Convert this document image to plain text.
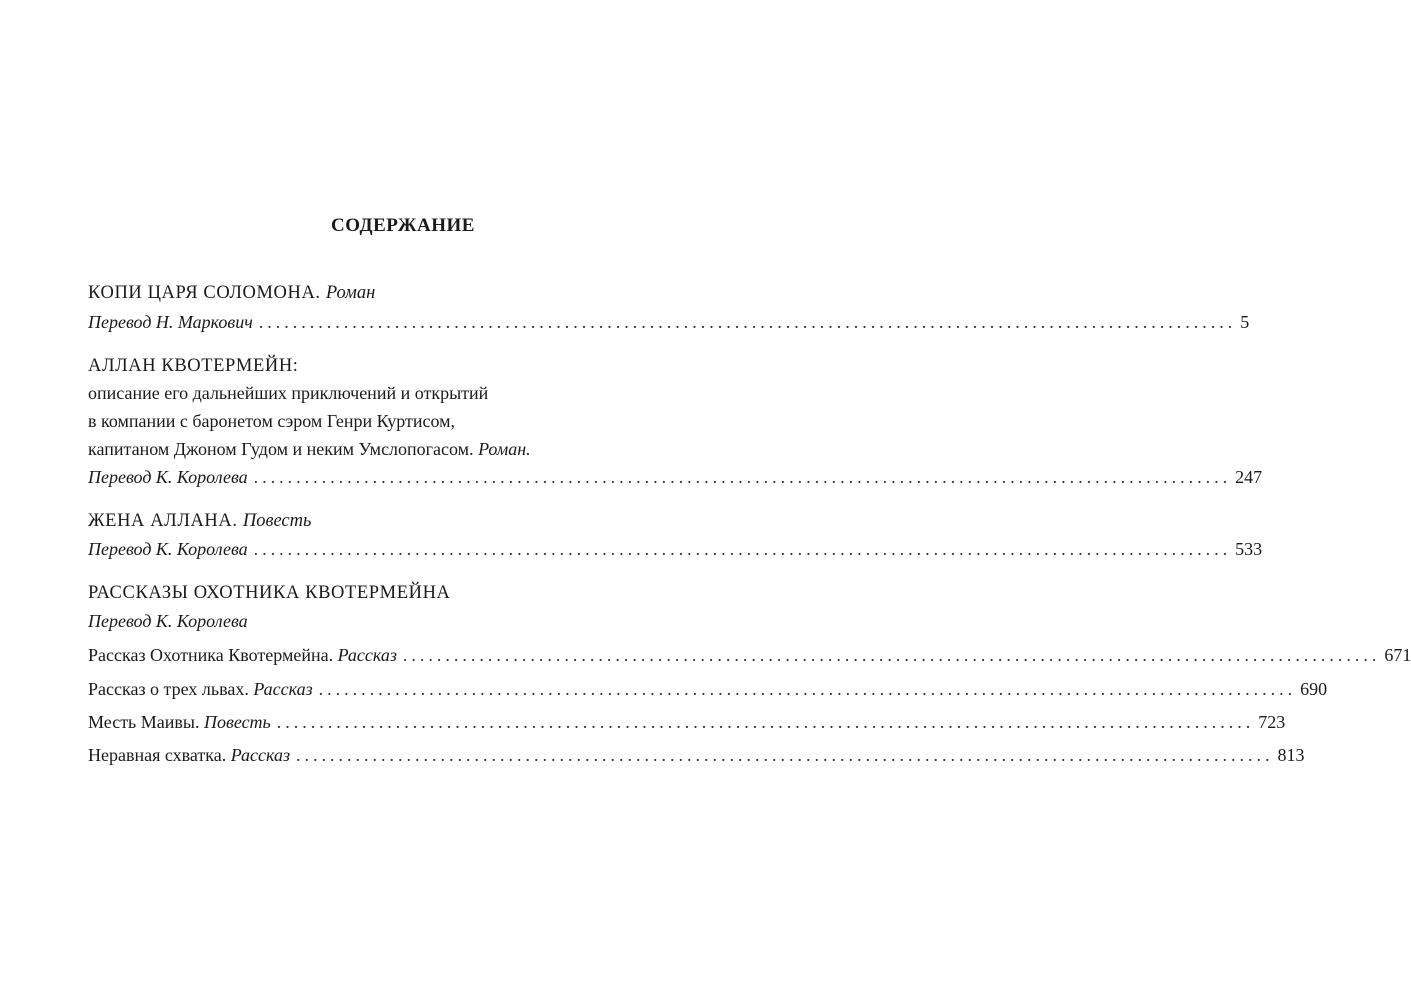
СОДЕРЖАНИЕ
КОПИ ЦАРЯ СОЛОМОНА. Роман
Перевод Н. Маркович ................................................................................................................... 5
АЛЛАН КВОТЕРМЕЙН:
описание его дальнейших приключений и открытий
в компании с баронетом сэром Генри Куртисом,
капитаном Джоном Гудом и неким Умслопогасом. Роман.
Перевод К. Королева ................................................................................................................... 247
ЖЕНА АЛЛАНА. Повесть
Перевод К. Королева ................................................................................................................... 533
РАССКАЗЫ ОХОТНИКА КВОТЕРМЕЙНА
Перевод К. Королева
Рассказ Охотника Квотермейна. Рассказ ................................................................................................................... 671
Рассказ о трех львах. Рассказ ................................................................................................................... 690
Месть Маивы. Повесть ................................................................................................................... 723
Неравная схватка. Рассказ ................................................................................................................... 813
